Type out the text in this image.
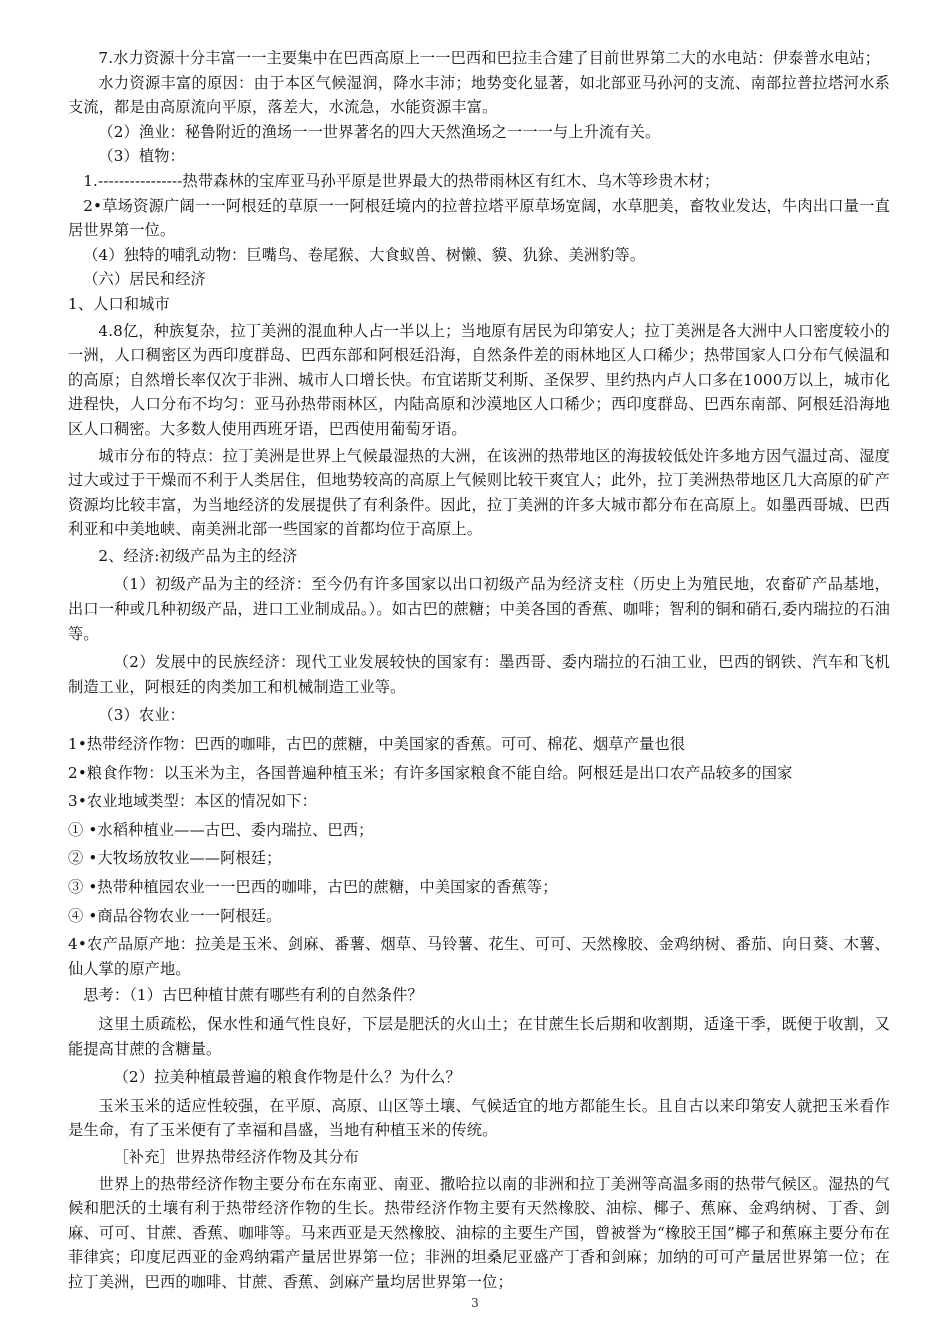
7.水力资源十分丰富一一主要集中在巴西高原上一一巴西和巴拉圭合建了目前世界第二大的水电站：伊泰普水电站；

水力资源丰富的原因：由于本区气候湿润，降水丰沛；地势变化显著，如北部亚马孙河的支流、南部拉普拉塔河水系支流，都是由高原流向平原，落差大，水流急，水能资源丰富。

（2）渔业：秘鲁附近的渔场一一世界著名的四大天然渔场之一一一与上升流有关。

（3）植物：

1.----------------热带森林的宝库亚马孙平原是世界最大的热带雨林区有红木、乌木等珍贵木材；

2•草场资源广阔一一阿根廷的草原一一阿根廷境内的拉普拉塔平原草场宽阔，水草肥美，畜牧业发达，牛肉出口量一直居世界第一位。

（4）独特的哺乳动物：巨嘴鸟、卷尾猴、大食蚁兽、树懒、貘、犰狳、美洲豹等。

（六）居民和经济

1、人口和城市

4.8亿，种族复杂，拉丁美洲的混血种人占一半以上；当地原有居民为印第安人；拉丁美洲是各大洲中人口密度较小的一洲，人口稠密区为西印度群岛、巴西东部和阿根廷沿海，自然条件差的雨林地区人口稀少；热带国家人口分布气候温和的高原；自然增长率仅次于非洲、城市人口增长快。布宜诺斯艾利斯、圣保罗、里约热内卢人口多在1000万以上，城市化进程快，人口分布不均匀：亚马孙热带雨林区，内陆高原和沙漠地区人口稀少；西印度群岛、巴西东南部、阿根廷沿海地区人口稠密。大多数人使用西班牙语，巴西使用葡萄牙语。

城市分布的特点：拉丁美洲是世界上气候最湿热的大洲，在该洲的热带地区的海拔较低处许多地方因气温过高、湿度过大或过于干燥而不利于人类居住，但地势较高的高原上气候则比较干爽宜人；此外，拉丁美洲热带地区几大高原的矿产资源均比较丰富，为当地经济的发展提供了有利条件。因此，拉丁美洲的许多大城市都分布在高原上。如墨西哥城、巴西利亚和中美地峡、南美洲北部一些国家的首都均位于高原上。

2、经济:初级产品为主的经济

（1）初级产品为主的经济：至今仍有许多国家以出口初级产品为经济支柱（历史上为殖民地，农畜矿产品基地，出口一种或几种初级产品，进口工业制成品。）。如古巴的蔗糖；中美各国的香蕉、咖啡；智利的铜和硝石,委内瑞拉的石油等。

（2）发展中的民族经济：现代工业发展较快的国家有：墨西哥、委内瑞拉的石油工业，巴西的钢铁、汽车和飞机制造工业，阿根廷的肉类加工和机械制造工业等。

（3）农业：

1•热带经济作物：巴西的咖啡，古巴的蔗糖，中美国家的香蕉。可可、棉花、烟草产量也很

2•粮食作物：以玉米为主，各国普遍种植玉米；有许多国家粮食不能自给。阿根廷是出口农产品较多的国家

3•农业地域类型：本区的情况如下：

① •水稻种植业——古巴、委内瑞拉、巴西；

② •大牧场放牧业——阿根廷；

③ •热带种植园农业一一巴西的咖啡，古巴的蔗糖，中美国家的香蕉等；

④ •商品谷物农业一一阿根廷。

4•农产品原产地：拉美是玉米、剑麻、番薯、烟草、马铃薯、花生、可可、天然橡胶、金鸡纳树、番茄、向日葵、木薯、仙人掌的原产地。

思考：（1）古巴种植甘蔗有哪些有利的自然条件？

这里土质疏松，保水性和通气性良好，下层是肥沃的火山土；在甘蔗生长后期和收割期，适逢干季，既便于收割，又能提高甘蔗的含糖量。

（2）拉美种植最普遍的粮食作物是什么？为什么？

玉米玉米的适应性较强，在平原、高原、山区等土壤、气候适宜的地方都能生长。且自古以来印第安人就把玉米看作是生命，有了玉米便有了幸福和昌盛，当地有种植玉米的传统。

［补充］世界热带经济作物及其分布

世界上的热带经济作物主要分布在东南亚、南亚、撒哈拉以南的非洲和拉丁美洲等高温多雨的热带气候区。湿热的气候和肥沃的土壤有利于热带经济作物的生长。热带经济作物主要有天然橡胶、油棕、椰子、蕉麻、金鸡纳树、丁香、剑麻、可可、甘蔗、香蕉、咖啡等。马来西亚是天然橡胶、油棕的主要生产国，曾被誉为“橡胶王国”椰子和蕉麻主要分布在菲律宾；印度尼西亚的金鸡纳霜产量居世界第一位；非洲的坦桑尼亚盛产丁香和剑麻；加纳的可可产量居世界第一位；在拉丁美洲，巴西的咖啡、甘蔗、香蕉、剑麻产量均居世界第一位；

3
